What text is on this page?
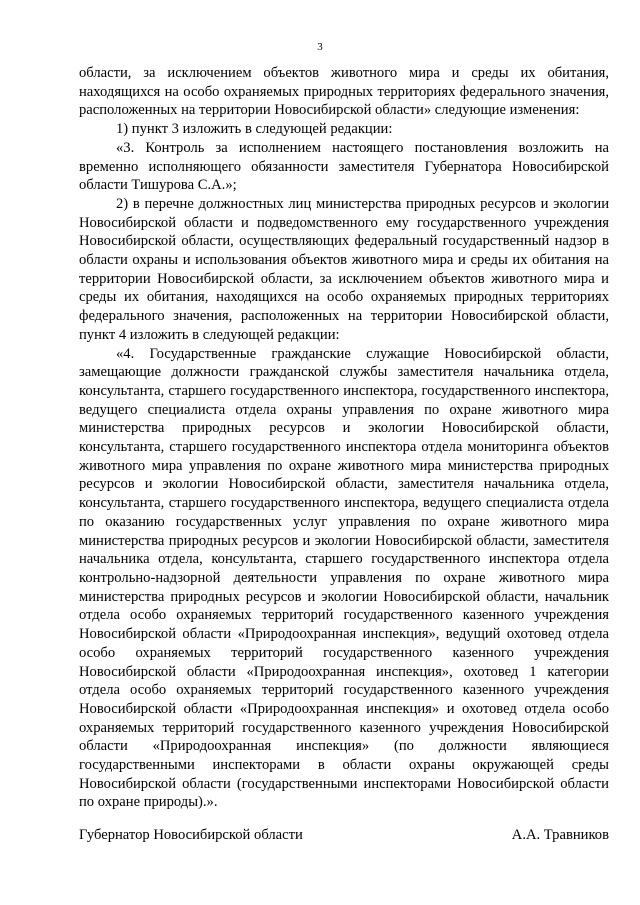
3

области, за исключением объектов животного мира и среды их обитания, находящихся на особо охраняемых природных территориях федерального значения, расположенных на территории Новосибирской области» следующие изменения:

1) пункт 3 изложить в следующей редакции:

«3. Контроль за исполнением настоящего постановления возложить на временно исполняющего обязанности заместителя Губернатора Новосибирской области Тишурова С.А.»;

2) в перечне должностных лиц министерства природных ресурсов и экологии Новосибирской области и подведомственного ему государственного учреждения Новосибирской области, осуществляющих федеральный государственный надзор в области охраны и использования объектов животного мира и среды их обитания на территории Новосибирской области, за исключением объектов животного мира и среды их обитания, находящихся на особо охраняемых природных территориях федерального значения, расположенных на территории Новосибирской области, пункт 4 изложить в следующей редакции:

«4. Государственные гражданские служащие Новосибирской области, замещающие должности гражданской службы заместителя начальника отдела, консультанта, старшего государственного инспектора, государственного инспектора, ведущего специалиста отдела охраны управления по охране животного мира министерства природных ресурсов и экологии Новосибирской области, консультанта, старшего государственного инспектора отдела мониторинга объектов животного мира управления по охране животного мира министерства природных ресурсов и экологии Новосибирской области, заместителя начальника отдела, консультанта, старшего государственного инспектора, ведущего специалиста отдела по оказанию государственных услуг управления по охране животного мира министерства природных ресурсов и экологии Новосибирской области, заместителя начальника отдела, консультанта, старшего государственного инспектора отдела контрольно-надзорной деятельности управления по охране животного мира министерства природных ресурсов и экологии Новосибирской области, начальник отдела особо охраняемых территорий государственного казенного учреждения Новосибирской области «Природоохранная инспекция», ведущий охотовед отдела особо охраняемых территорий государственного казенного учреждения Новосибирской области «Природоохранная инспекция», охотовед 1 категории отдела особо охраняемых территорий государственного казенного учреждения Новосибирской области «Природоохранная инспекция» и охотовед отдела особо охраняемых территорий государственного казенного учреждения Новосибирской области «Природоохранная инспекция» (по должности являющиеся государственными инспекторами в области охраны окружающей среды Новосибирской области (государственными инспекторами Новосибирской области по охране природы).».

Губернатор Новосибирской области	А.А. Травников
